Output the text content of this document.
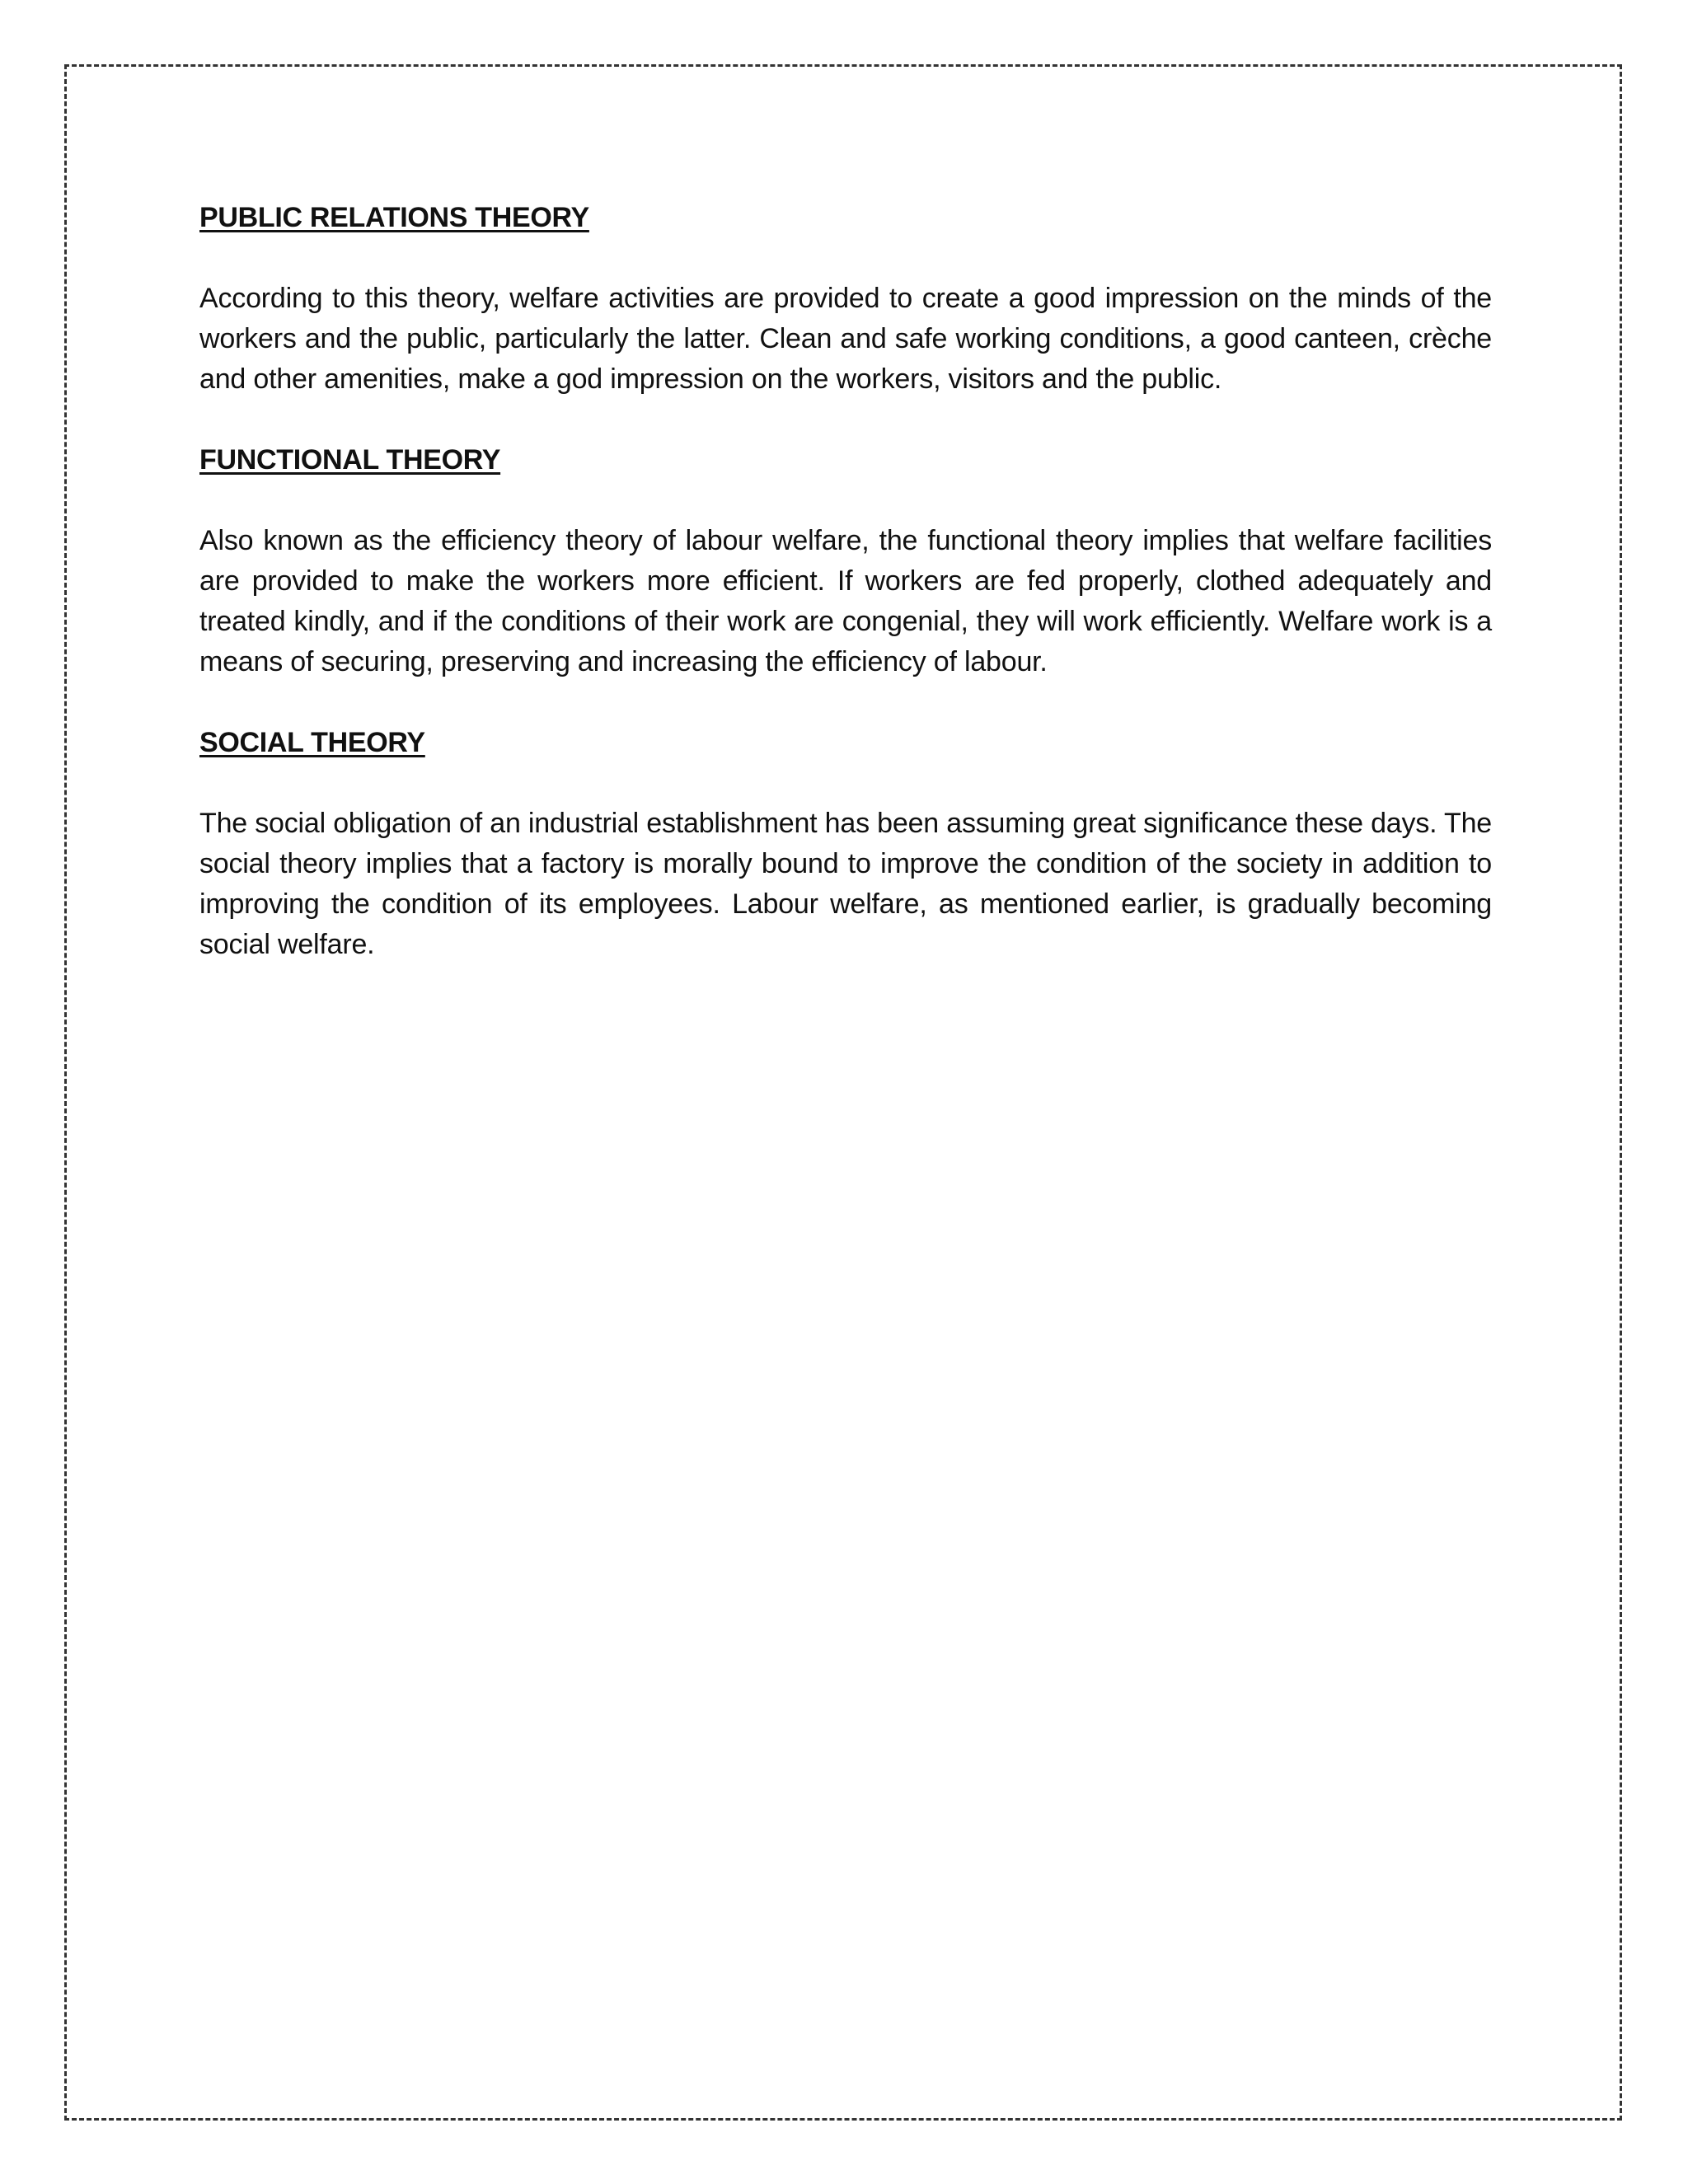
PUBLIC RELATIONS THEORY

According to this theory, welfare activities are provided to create a good impression on the minds of the workers and the public, particularly the latter. Clean and safe working conditions, a good canteen, crèche and other amenities, make a god impression on the workers, visitors and the public.

FUNCTIONAL THEORY

Also known as the efficiency theory of labour welfare, the functional theory implies that welfare facilities are provided to make the workers more efficient. If workers are fed properly, clothed adequately and treated kindly, and if the conditions of their work are congenial, they will work efficiently. Welfare work is a means of securing, preserving and increasing the efficiency of labour.

SOCIAL THEORY

The social obligation of an industrial establishment has been assuming great significance these days. The social theory implies that a factory is morally bound to improve the condition of the society in addition to improving the condition of its employees. Labour welfare, as mentioned earlier, is gradually becoming social welfare.
